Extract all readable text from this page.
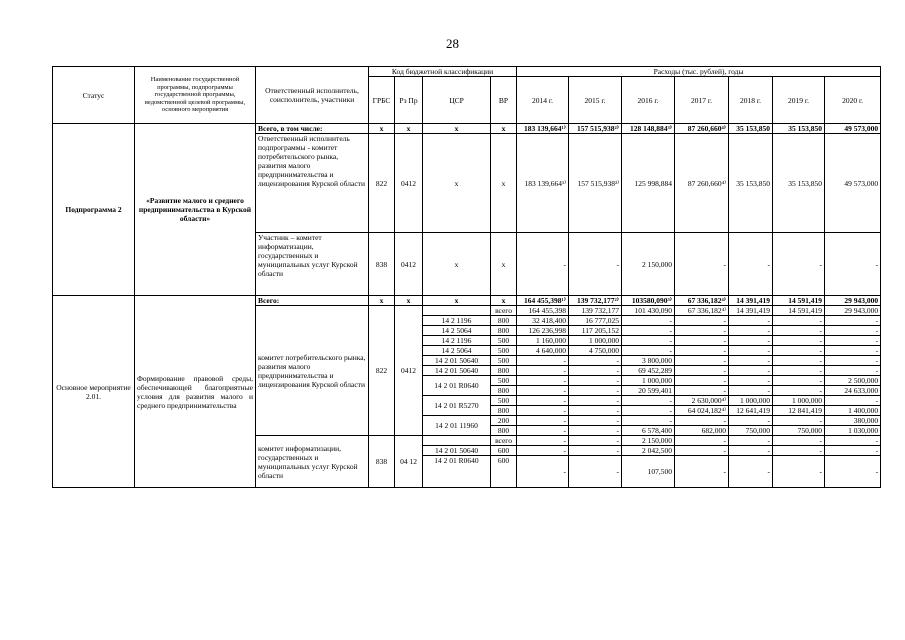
28
Статус	Наименование государственной программы, подпрограммы государственной программы, ведомственной целевой программы, основного мероприятия	Ответственный исполнитель, соисполнитель, участники	Код бюджетной классификации				Расходы (тыс. рублей), годы						
			ГРБС	Рз Пр	ЦСР	ВР	2014 г.	2015 г.	2016 г.	2017 г.	2018 г.	2019 г.	2020 г.
Подпрограмма 2	«Развитие малого и среднего предпринимательства в Курской области»	Всего, в том числе:	х	х	х	х	183 139,664¹⁾	157 515,938²⁾	128 148,884³⁾	87 260,660⁴⁾	35 153,850	35 153,850	49 573,000
		Ответственный исполнитель подпрограммы - комитет потребительского рынка, развития малого предпринимательства и лицензирования Курской области	822	0412	х	х	183 139,664¹⁾	157 515,938²⁾	125 998,884	87 260,660⁴⁾	35 153,850	35 153,850	49 573,000
		Участник – комитет информатизации, государственных и муниципальных услуг Курской области	838	0412	х	х	-	-	2 150,000	-	-	-	-
Основное мероприятие 2.01.	Формирование правовой среды, обеспечивающей благоприятные условия для развития малого и среднего предпринимательства	Всего:	х	х	х	х	164 455,398¹⁾	139 732,177²⁾	103580,090³⁾	67 336,182⁴⁾	14 391,419	14 591,419	29 943,000
		комитет потребительского рынка, развития малого предпринимательства и лицензирования Курской области	822	0412		всего	164 455,398	139 732,177	101 430,090	67 336,182⁴⁾	14 391,419	14 591,419	29 943,000
					14 2 1196	800	32 418,400	16 777,025	-	-	-	-	-
					14 2 5064	800	126 236,998	117 205,152	-	-	-	-	-
					14 2 1196	500	1 160,000	1 000,000	-	-	-	-	-
					14 2 5064	500	4 640,000	4 750,000	-	-	-	-	-
					14 2 01 50640	500	-	-	3 800,000	-	-	-	-
					14 2 01 50640	800	-	-	69 452,289	-	-	-	-
					14 2 01 R0640	500	-	-	1 000,000	-	-	-	2 500,000
						800	-	-	20 599,401	-	-	-	24 633,000
					14 2 01 R5270	500	-	-	-	2 630,000⁴⁾	1 000,000	1 000,000	-
						800	-	-	-	64 024,182⁴⁾	12 641,419	12 841,419	1 400,000
					14 2 01 11960	200	-	-	-	-	-	-	380,000
						800	-	-	6 578,400	682,000	750,000	750,000	1 030,000
		комитет информатизации, государственных и муниципальных услуг Курской области	838	04 12		всего	-	-	2 150,000	-	-	-	-
					14 2 01 50640	600	-	-	2 042,500	-	-	-	-
					14 2 01 R0640	600	-	-	107,500	-	-	-	-
